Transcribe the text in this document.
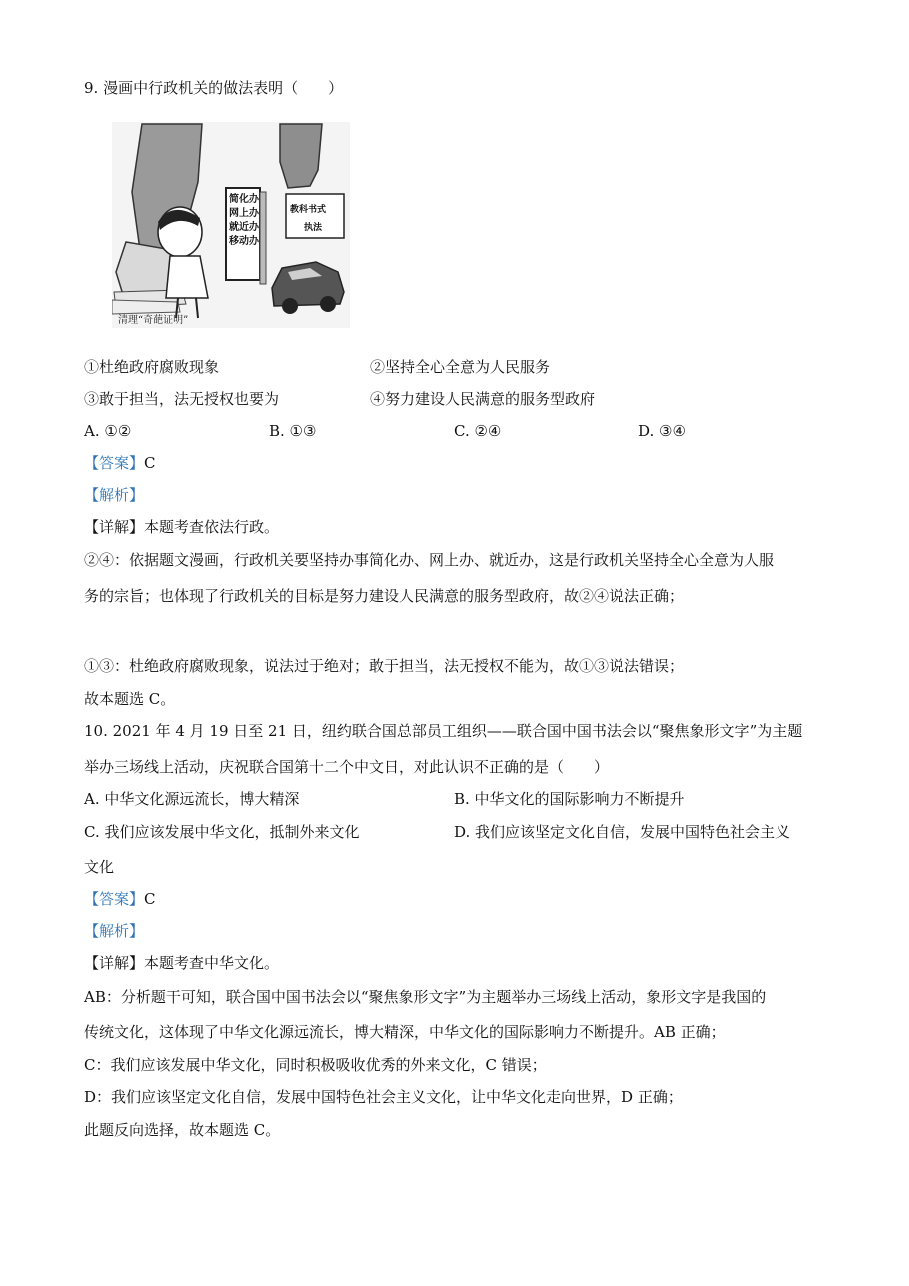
9. 漫画中行政机关的做法表明（　　）
简化办
网上办
就近办
移动办
教科书式
执法
清理“奇葩证明”
①杜绝政府腐败现象	②坚持全心全意为人民服务
③敢于担当，法无授权也要为	④努力建设人民满意的服务型政府
A. ①②	B. ①③	C. ②④	D. ③④
【答案】C
【解析】
【详解】本题考查依法行政。
②④：依据题文漫画，行政机关要坚持办事简化办、网上办、就近办，这是行政机关坚持全心全意为人服
务的宗旨；也体现了行政机关的目标是努力建设人民满意的服务型政府，故②④说法正确；
①③：杜绝政府腐败现象，说法过于绝对；敢于担当，法无授权不能为，故①③说法错误；
故本题选 C。
10. 2021 年 4 月 19 日至 21 日，纽约联合国总部员工组织——联合国中国书法会以“聚焦象形文字”为主题
举办三场线上活动，庆祝联合国第十二个中文日，对此认识不正确的是（　　）
A. 中华文化源远流长，博大精深	B. 中华文化的国际影响力不断提升
C. 我们应该发展中华文化，抵制外来文化	D. 我们应该坚定文化自信，发展中国特色社会主义
文化
【答案】C
【解析】
【详解】本题考查中华文化。
AB：分析题干可知，联合国中国书法会以“聚焦象形文字”为主题举办三场线上活动，象形文字是我国的
传统文化，这体现了中华文化源远流长，博大精深，中华文化的国际影响力不断提升。AB 正确；
C：我们应该发展中华文化，同时积极吸收优秀的外来文化，C 错误；
D：我们应该坚定文化自信，发展中国特色社会主义文化，让中华文化走向世界，D 正确；
此题反向选择，故本题选 C。
